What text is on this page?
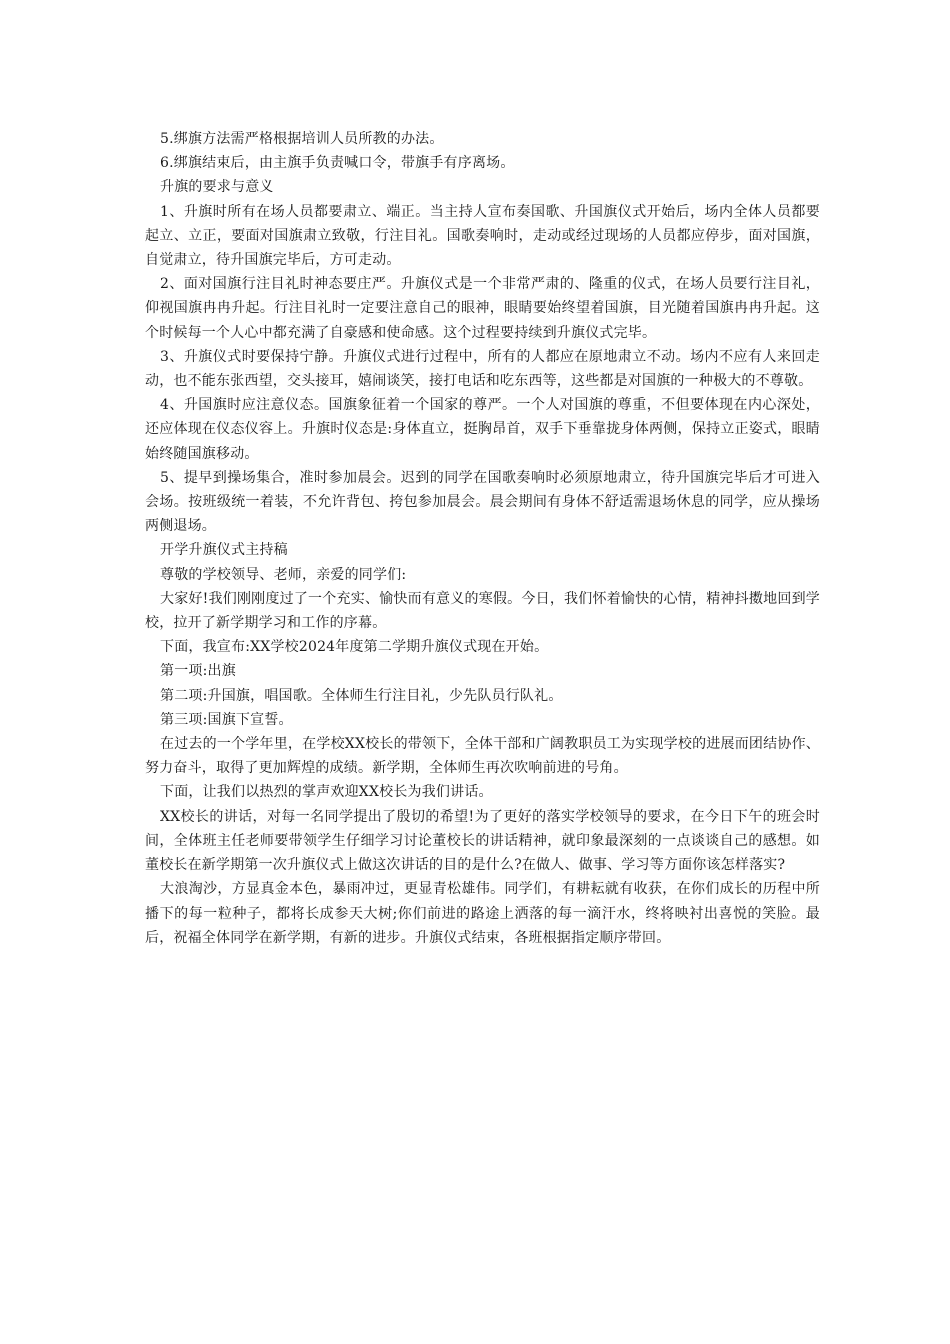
5.绑旗方法需严格根据培训人员所教的办法。

6.绑旗结束后，由主旗手负责喊口令，带旗手有序离场。

升旗的要求与意义

1、升旗时所有在场人员都要肃立、端正。当主持人宣布奏国歌、升国旗仪式开始后，场内全体人员都要起立、立正，要面对国旗肃立致敬，行注目礼。国歌奏响时，走动或经过现场的人员都应停步，面对国旗，自觉肃立，待升国旗完毕后，方可走动。

2、面对国旗行注目礼时神态要庄严。升旗仪式是一个非常严肃的、隆重的仪式，在场人员要行注目礼，仰视国旗冉冉升起。行注目礼时一定要注意自己的眼神，眼睛要始终望着国旗，目光随着国旗冉冉升起。这个时候每一个人心中都充满了自豪感和使命感。这个过程要持续到升旗仪式完毕。

3、升旗仪式时要保持宁静。升旗仪式进行过程中，所有的人都应在原地肃立不动。场内不应有人来回走动，也不能东张西望，交头接耳，嬉闹谈笑，接打电话和吃东西等，这些都是对国旗的一种极大的不尊敬。

4、升国旗时应注意仪态。国旗象征着一个国家的尊严。一个人对国旗的尊重，不但要体现在内心深处，还应体现在仪态仪容上。升旗时仪态是:身体直立，挺胸昂首，双手下垂靠拢身体两侧，保持立正姿式，眼睛始终随国旗移动。

5、提早到操场集合，准时参加晨会。迟到的同学在国歌奏响时必须原地肃立，待升国旗完毕后才可进入会场。按班级统一着装，不允许背包、挎包参加晨会。晨会期间有身体不舒适需退场休息的同学，应从操场两侧退场。

开学升旗仪式主持稿

尊敬的学校领导、老师，亲爱的同学们:

大家好!我们刚刚度过了一个充实、愉快而有意义的寒假。今日，我们怀着愉快的心情，精神抖擞地回到学校，拉开了新学期学习和工作的序幕。

下面，我宣布:XX学校2024年度第二学期升旗仪式现在开始。

第一项:出旗

第二项:升国旗，唱国歌。全体师生行注目礼，少先队员行队礼。

第三项:国旗下宣誓。

在过去的一个学年里，在学校XX校长的带领下，全体干部和广阔教职员工为实现学校的进展而团结协作、努力奋斗，取得了更加辉煌的成绩。新学期，全体师生再次吹响前进的号角。

下面，让我们以热烈的掌声欢迎XX校长为我们讲话。

XX校长的讲话，对每一名同学提出了殷切的希望!为了更好的落实学校领导的要求，在今日下午的班会时间，全体班主任老师要带领学生仔细学习讨论董校长的讲话精神，就印象最深刻的一点谈谈自己的感想。如董校长在新学期第一次升旗仪式上做这次讲话的目的是什么?在做人、做事、学习等方面你该怎样落实?

大浪淘沙，方显真金本色，暴雨冲过，更显青松雄伟。同学们，有耕耘就有收获，在你们成长的历程中所播下的每一粒种子，都将长成参天大树;你们前进的路途上洒落的每一滴汗水，终将映衬出喜悦的笑脸。最后，祝福全体同学在新学期，有新的进步。升旗仪式结束，各班根据指定顺序带回。
